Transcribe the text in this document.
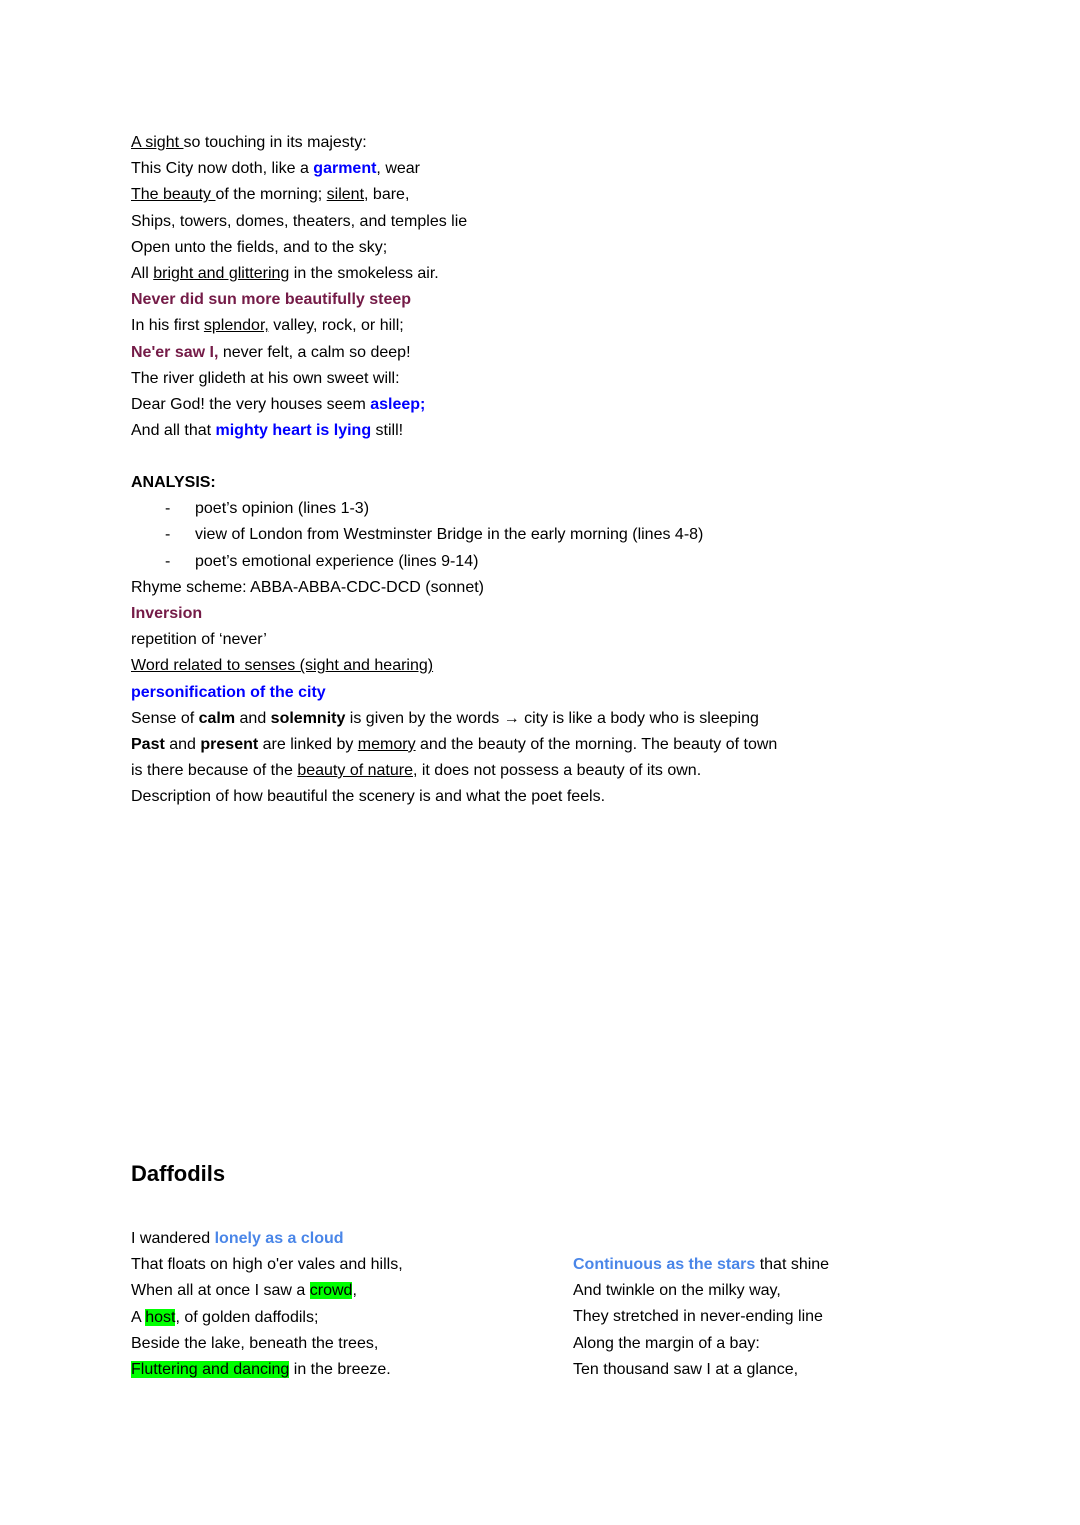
A sight so touching in its majesty:
This City now doth, like a garment, wear
The beauty of the morning; silent, bare,
Ships, towers, domes, theaters, and temples lie
Open unto the fields, and to the sky;
All bright and glittering in the smokeless air.
Never did sun more beautifully steep
In his first splendor, valley, rock, or hill;
Ne'er saw I, never felt, a calm so deep!
The river glideth at his own sweet will:
Dear God! the very houses seem asleep;
And all that mighty heart is lying still!
ANALYSIS:
- poet’s opinion (lines 1-3)
- view of London from Westminster Bridge in the early morning (lines 4-8)
- poet’s emotional experience (lines 9-14)
Rhyme scheme: ABBA-ABBA-CDC-DCD (sonnet)
Inversion
repetition of ‘never’
Word related to senses (sight and hearing)
personification of the city
Sense of calm and solemnity is given by the words → city is like a body who is sleeping
Past and present are linked by memory and the beauty of the morning. The beauty of town
is there because of the beauty of nature, it does not possess a beauty of its own.
Description of how beautiful the scenery is and what the poet feels.
Daffodils
I wandered lonely as a cloud
That floats on high o'er vales and hills,
When all at once I saw a crowd,
A host, of golden daffodils;
Beside the lake, beneath the trees,
Fluttering and dancing in the breeze.
Continuous as the stars that shine
And twinkle on the milky way,
They stretched in never-ending line
Along the margin of a bay:
Ten thousand saw I at a glance,
